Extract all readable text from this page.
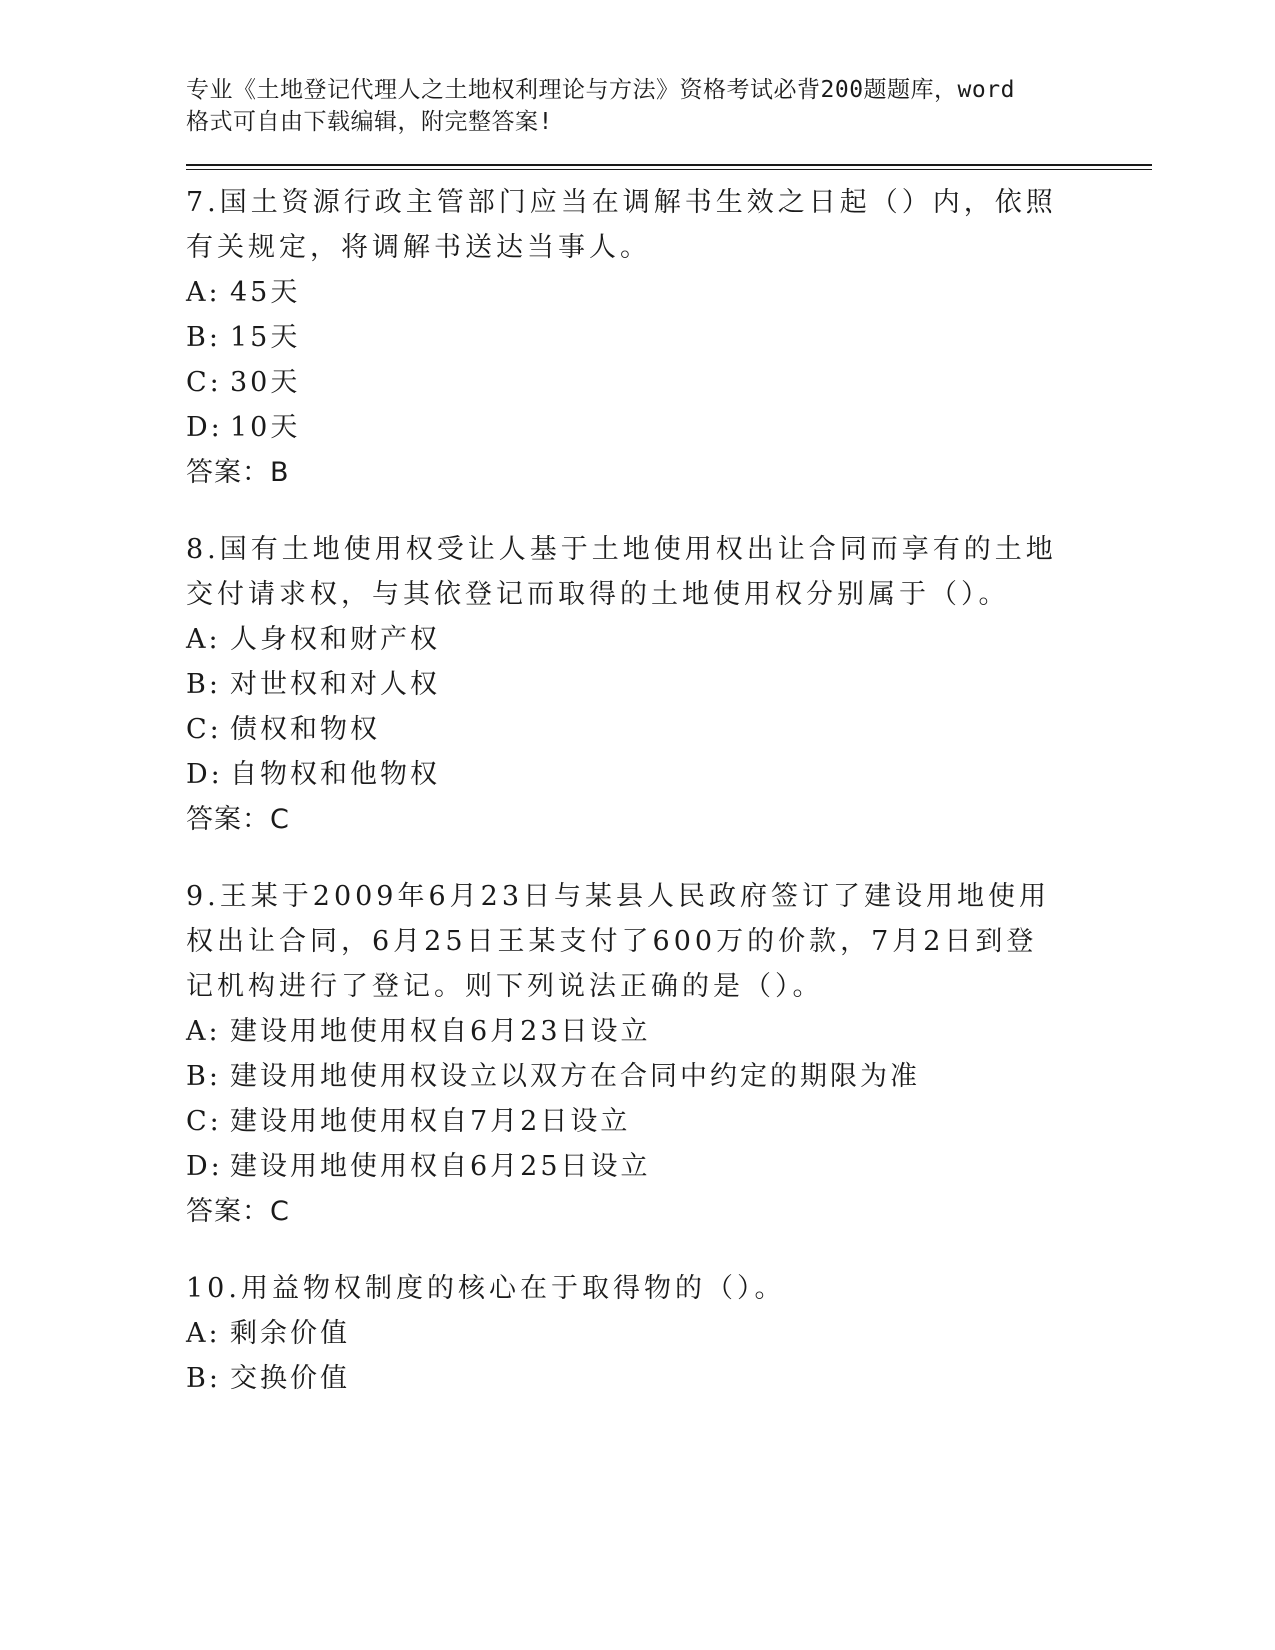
专业《土地登记代理人之土地权利理论与方法》资格考试必背200题题库，word
格式可自由下载编辑，附完整答案!
7.国土资源行政主管部门应当在调解书生效之日起（）内，依照有关规定，将调解书送达当事人。
A: 45天
B: 15天
C: 30天
D: 10天
答案：B
8.国有土地使用权受让人基于土地使用权出让合同而享有的土地交付请求权，与其依登记而取得的土地使用权分别属于（）。
A: 人身权和财产权
B: 对世权和对人权
C: 债权和物权
D: 自物权和他物权
答案：C
9.王某于2009年6月23日与某县人民政府签订了建设用地使用权出让合同，6月25日王某支付了600万的价款，7月2日到登记机构进行了登记。则下列说法正确的是（）。
A: 建设用地使用权自6月23日设立
B: 建设用地使用权设立以双方在合同中约定的期限为准
C: 建设用地使用权自7月2日设立
D: 建设用地使用权自6月25日设立
答案：C
10.用益物权制度的核心在于取得物的（）。
A: 剩余价值
B: 交换价值
